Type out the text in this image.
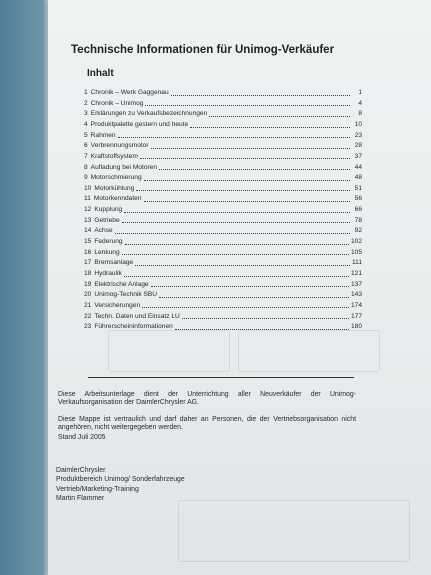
Technische Informationen für Unimog-Verkäufer
Inhalt
1 Chronik – Werk Gaggenau	1
2 Chronik – Unimog	4
3 Erklärungen zu Verkaufsbezeichnungen	8
4 Produktpalette gestern und heute	10
5 Rahmen	23
6 Verbrennungsmotor	28
7 Kraftstoffsystem	37
8 Aufladung bei Motoren	44
9 Motorschmierung	48
10 Motorkühlung	51
11 Motorkenndaten	56
12 Kupplung	66
13 Getriebe	78
14 Achse	92
15 Federung	102
16 Lenkung	105
17 Bremsanlage	111
18 Hydraulik	121
19 Elektrische Anlage	137
20 Unimog-Technik SBU	143
21 Versicherungen	174
22 Techn. Daten und Einsatz LU	177
23 Führerscheininformationen	180
Diese Arbeitsunterlage dient der Unterrichtung aller Neuverkäufer der Unimog-Verkaufsorganisation der DaimlerChrysler AG.
Diese Mappe ist vertraulich und darf daher an Personen, die der Vertriebsorganisation nicht angehören, nicht weitergegeben werden.
Stand Juli 2005
DaimlerChrysler
Produktbereich Unimog/ Sonderfahrzeuge
Vertrieb/Marketing-Training
Martin Flammer
